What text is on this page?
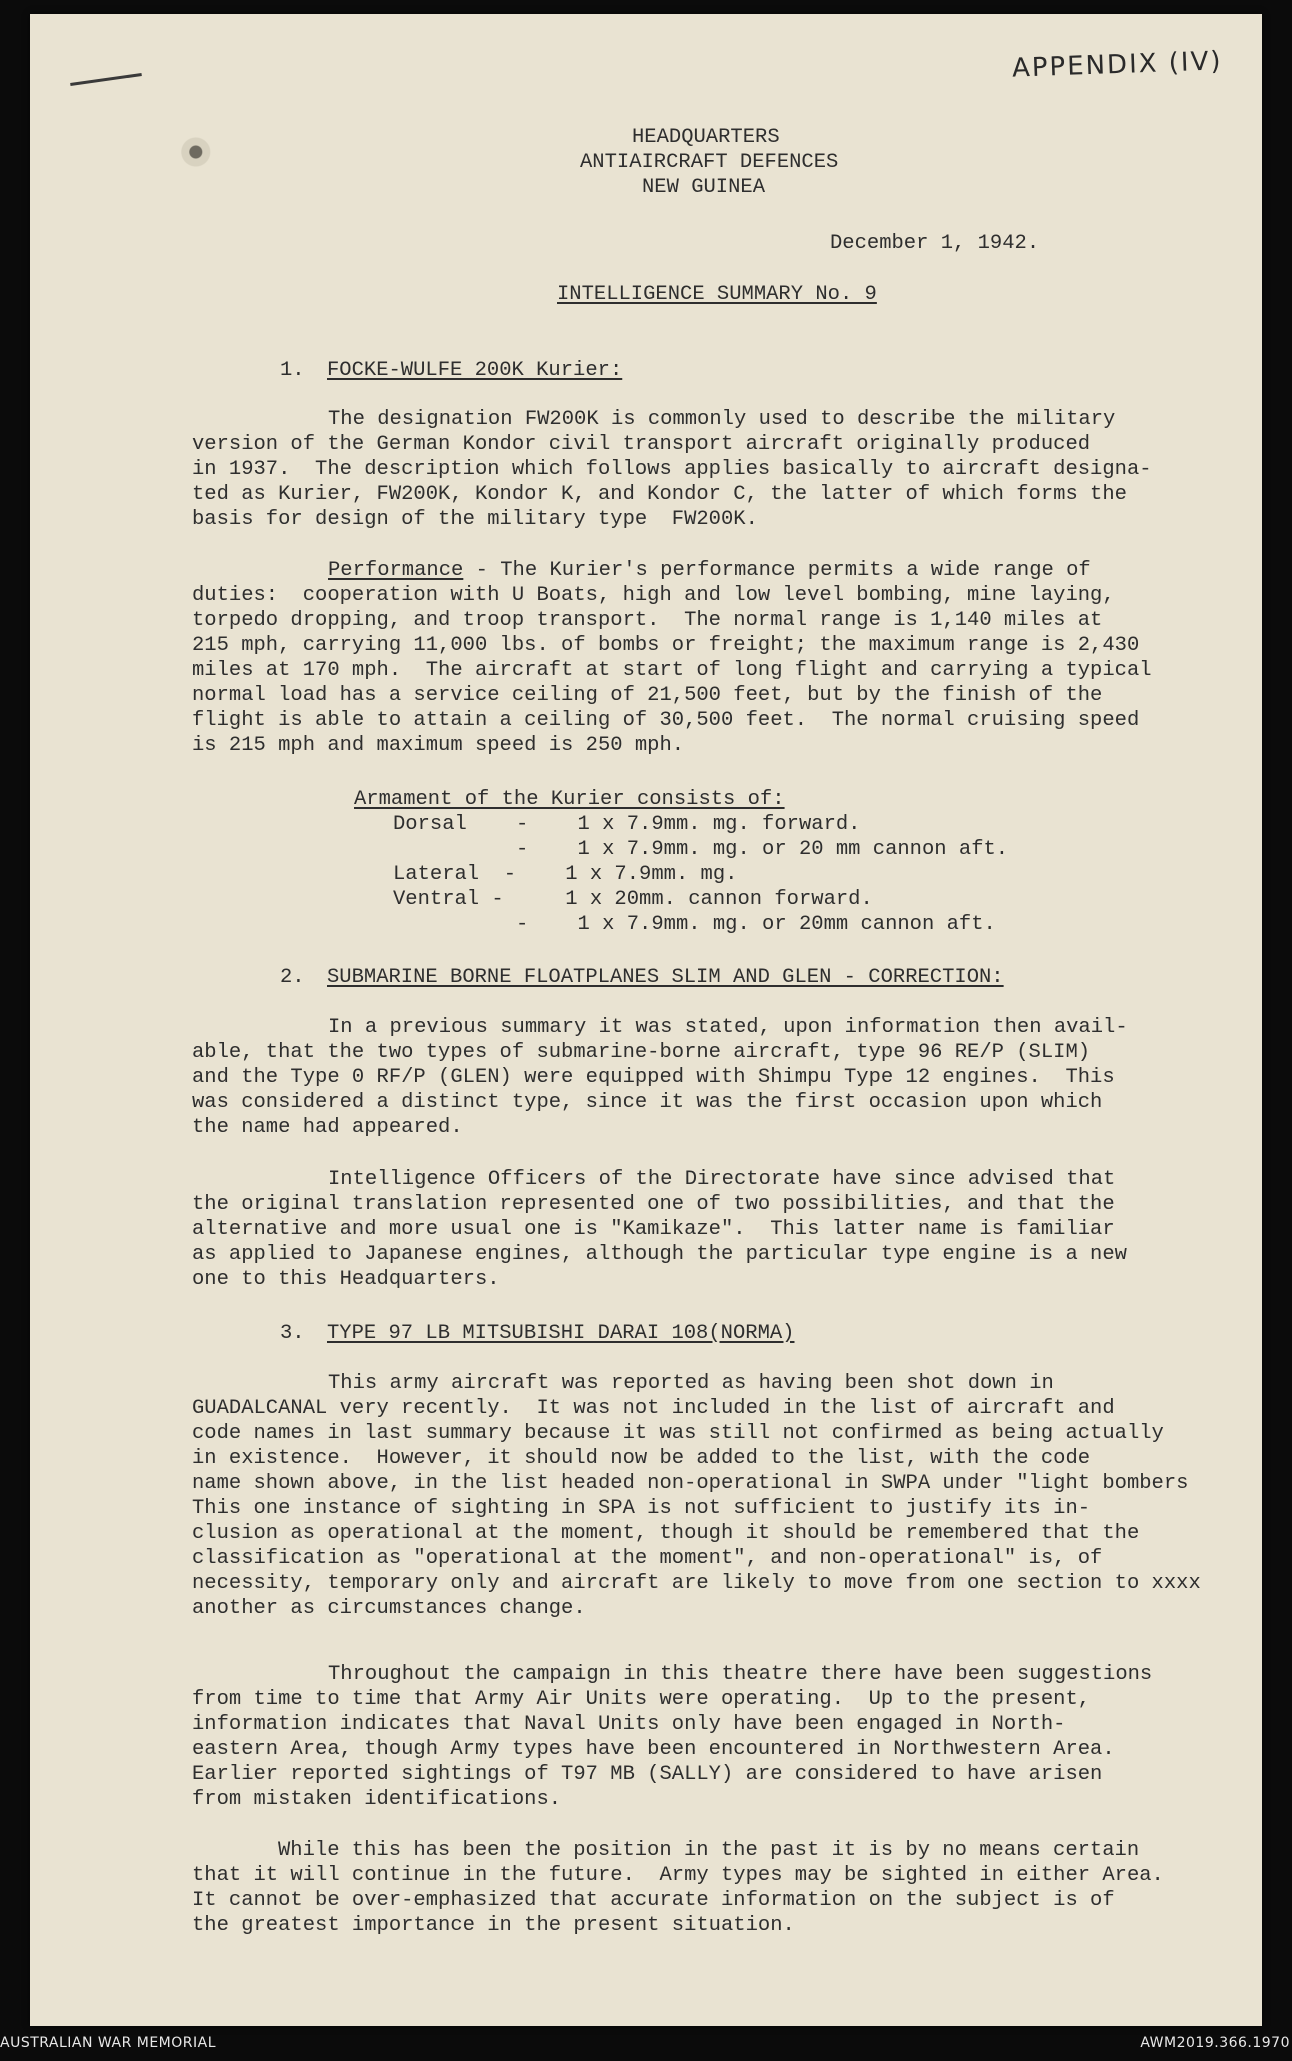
APPENDIX (IV)
HEADQUARTERS
ANTIAIRCRAFT DEFENCES
NEW GUINEA
December 1, 1942.
INTELLIGENCE SUMMARY No. 9
1. FOCKE-WULFE 200K Kurier:
The designation FW200K is commonly used to describe the military
version of the German Kondor civil transport aircraft originally produced
in 1937.  The description which follows applies basically to aircraft designa-
ted as Kurier, FW200K, Kondor K, and Kondor C, the latter of which forms the
basis for design of the military type  FW200K.
Performance - The Kurier's performance permits a wide range of
duties:  cooperation with U Boats, high and low level bombing, mine laying,
torpedo dropping, and troop transport.  The normal range is 1,140 miles at
215 mph, carrying 11,000 lbs. of bombs or freight; the maximum range is 2,430
miles at 170 mph.  The aircraft at start of long flight and carrying a typical
normal load has a service ceiling of 21,500 feet, but by the finish of the
flight is able to attain a ceiling of 30,500 feet.  The normal cruising speed
is 215 mph and maximum speed is 250 mph.
Armament of the Kurier consists of:
Dorsal    -    1 x 7.9mm. mg. forward.
-    1 x 7.9mm. mg. or 20 mm cannon aft.
Lateral  -    1 x 7.9mm. mg.
Ventral -     1 x 20mm. cannon forward.
-    1 x 7.9mm. mg. or 20mm cannon aft.
2. SUBMARINE BORNE FLOATPLANES SLIM AND GLEN - CORRECTION:
In a previous summary it was stated, upon information then avail-
able, that the two types of submarine-borne aircraft, type 96 RE/P (SLIM)
and the Type 0 RF/P (GLEN) were equipped with Shimpu Type 12 engines.  This
was considered a distinct type, since it was the first occasion upon which
the name had appeared.
Intelligence Officers of the Directorate have since advised that
the original translation represented one of two possibilities, and that the
alternative and more usual one is "Kamikaze".  This latter name is familiar
as applied to Japanese engines, although the particular type engine is a new
one to this Headquarters.
3. TYPE 97 LB MITSUBISHI DARAI 108(NORMA)
This army aircraft was reported as having been shot down in
GUADALCANAL very recently.  It was not included in the list of aircraft and
code names in last summary because it was still not confirmed as being actually
in existence.  However, it should now be added to the list, with the code
name shown above, in the list headed non-operational in SWPA under "light bombers
This one instance of sighting in SPA is not sufficient to justify its in-
clusion as operational at the moment, though it should be remembered that the
classification as "operational at the moment", and non-operational" is, of
necessity, temporary only and aircraft are likely to move from one section to xxxx
another as circumstances change.
Throughout the campaign in this theatre there have been suggestions
from time to time that Army Air Units were operating.  Up to the present,
information indicates that Naval Units only have been engaged in North-
eastern Area, though Army types have been encountered in Northwestern Area.
Earlier reported sightings of T97 MB (SALLY) are considered to have arisen
from mistaken identifications.
While this has been the position in the past it is by no means certain
that it will continue in the future.  Army types may be sighted in either Area.
It cannot be over-emphasized that accurate information on the subject is of
the greatest importance in the present situation.
AUSTRALIAN WAR MEMORIAL	AWM2019.366.1970
